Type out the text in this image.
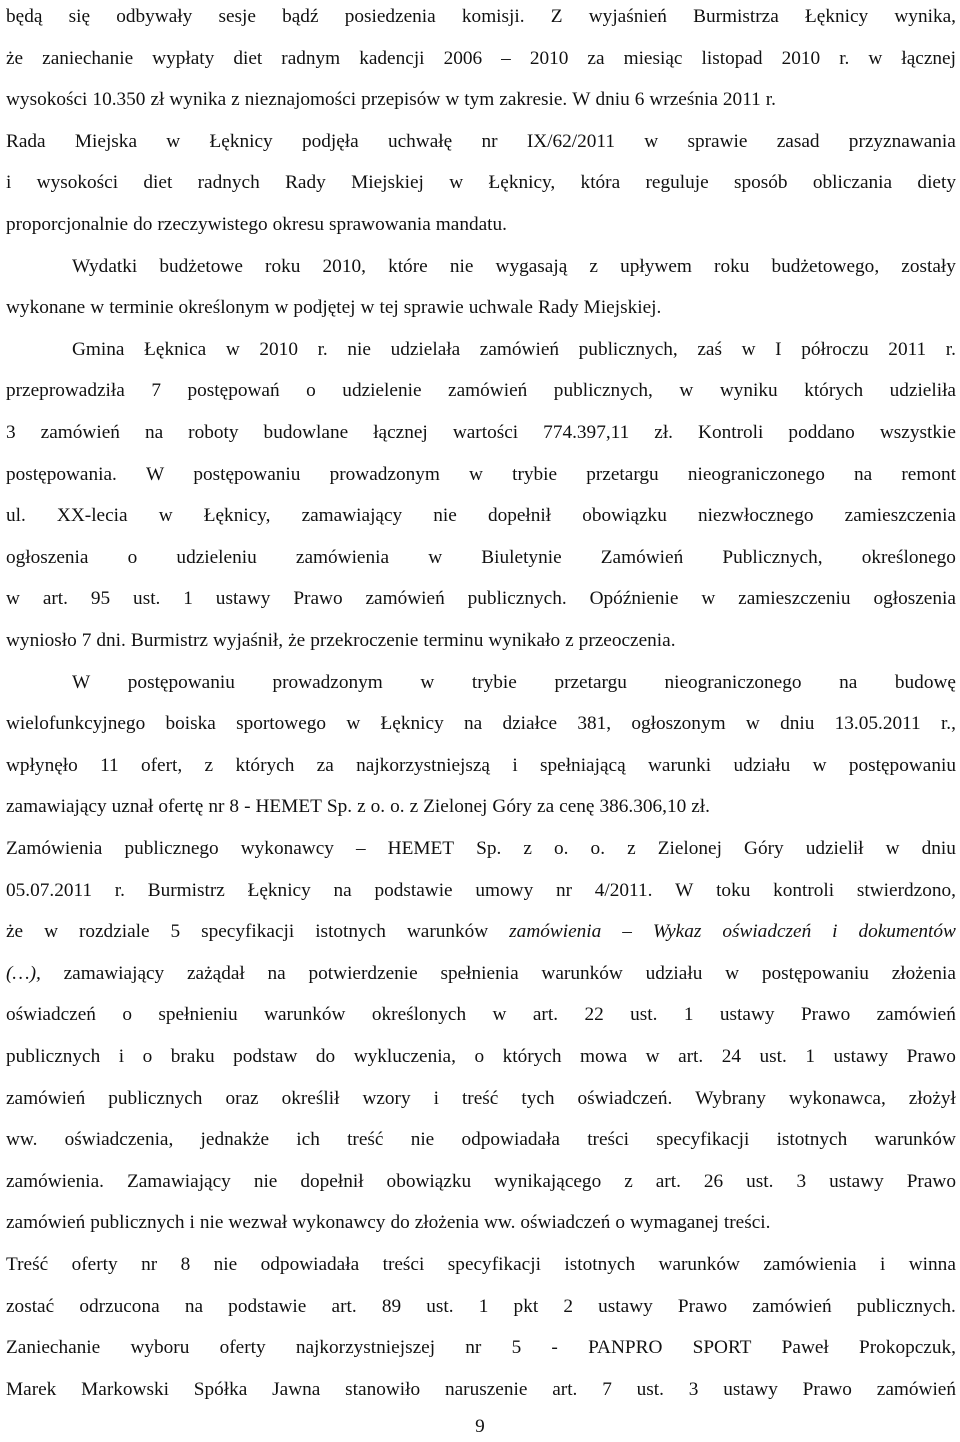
będą się odbywały sesje bądź posiedzenia komisji. Z wyjaśnień Burmistrza Łęknicy wynika,
że zaniechanie wypłaty diet radnym kadencji 2006 – 2010 za miesiąc listopad 2010 r. w łącznej
wysokości 10.350 zł wynika z nieznajomości przepisów w tym zakresie. W dniu 6 września 2011 r.
Rada Miejska w Łęknicy podjęła uchwałę nr IX/62/2011 w sprawie zasad przyznawania
i wysokości diet radnych Rady Miejskiej w Łęknicy, która reguluje sposób obliczania diety
proporcjonalnie do rzeczywistego okresu sprawowania mandatu.
Wydatki budżetowe roku 2010, które nie wygasają z upływem roku budżetowego, zostały
wykonane w terminie określonym w podjętej w tej sprawie uchwale Rady Miejskiej.
Gmina Łęknica w 2010 r. nie udzielała zamówień publicznych, zaś w I półroczu 2011 r.
przeprowadziła 7 postępowań o udzielenie zamówień publicznych, w wyniku których udzieliła
3 zamówień na roboty budowlane łącznej wartości 774.397,11 zł. Kontroli poddano wszystkie
postępowania. W postępowaniu prowadzonym w trybie przetargu nieograniczonego na remont
ul. XX-lecia w Łęknicy, zamawiający nie dopełnił obowiązku niezwłocznego zamieszczenia
ogłoszenia o udzieleniu zamówienia w Biuletynie Zamówień Publicznych, określonego
w art. 95 ust. 1 ustawy Prawo zamówień publicznych. Opóźnienie w zamieszczeniu ogłoszenia
wyniosło 7 dni. Burmistrz wyjaśnił, że przekroczenie terminu wynikało z przeoczenia.
W postępowaniu prowadzonym w trybie przetargu nieograniczonego na budowę
wielofunkcyjnego boiska sportowego w Łęknicy na działce 381, ogłoszonym w dniu 13.05.2011 r.,
wpłynęło 11 ofert, z których za najkorzystniejszą i spełniającą warunki udziału w postępowaniu
zamawiający uznał ofertę nr 8 - HEMET Sp. z o. o. z Zielonej Góry za cenę 386.306,10 zł.
Zamówienia publicznego wykonawcy – HEMET Sp. z o. o. z Zielonej Góry udzielił w dniu
05.07.2011 r. Burmistrz Łęknicy na podstawie umowy nr 4/2011. W toku kontroli stwierdzono,
że w rozdziale 5 specyfikacji istotnych warunków zamówienia – Wykaz oświadczeń i dokumentów
(…), zamawiający zażądał na potwierdzenie spełnienia warunków udziału w postępowaniu złożenia
oświadczeń o spełnieniu warunków określonych w art. 22 ust. 1 ustawy Prawo zamówień
publicznych i o braku podstaw do wykluczenia, o których mowa w art. 24 ust. 1 ustawy Prawo
zamówień publicznych oraz określił wzory i treść tych oświadczeń. Wybrany wykonawca, złożył
ww. oświadczenia, jednakże ich treść nie odpowiadała treści specyfikacji istotnych warunków
zamówienia. Zamawiający nie dopełnił obowiązku wynikającego z art. 26 ust. 3 ustawy Prawo
zamówień publicznych i nie wezwał wykonawcy do złożenia ww. oświadczeń o wymaganej treści.
Treść oferty nr 8 nie odpowiadała treści specyfikacji istotnych warunków zamówienia i winna
zostać odrzucona na podstawie art. 89 ust. 1 pkt 2 ustawy Prawo zamówień publicznych.
Zaniechanie wyboru oferty najkorzystniejszej nr 5 - PANPRO SPORT Paweł Prokopczuk,
Marek Markowski Spółka Jawna stanowiło naruszenie art. 7 ust. 3 ustawy Prawo zamówień
9
